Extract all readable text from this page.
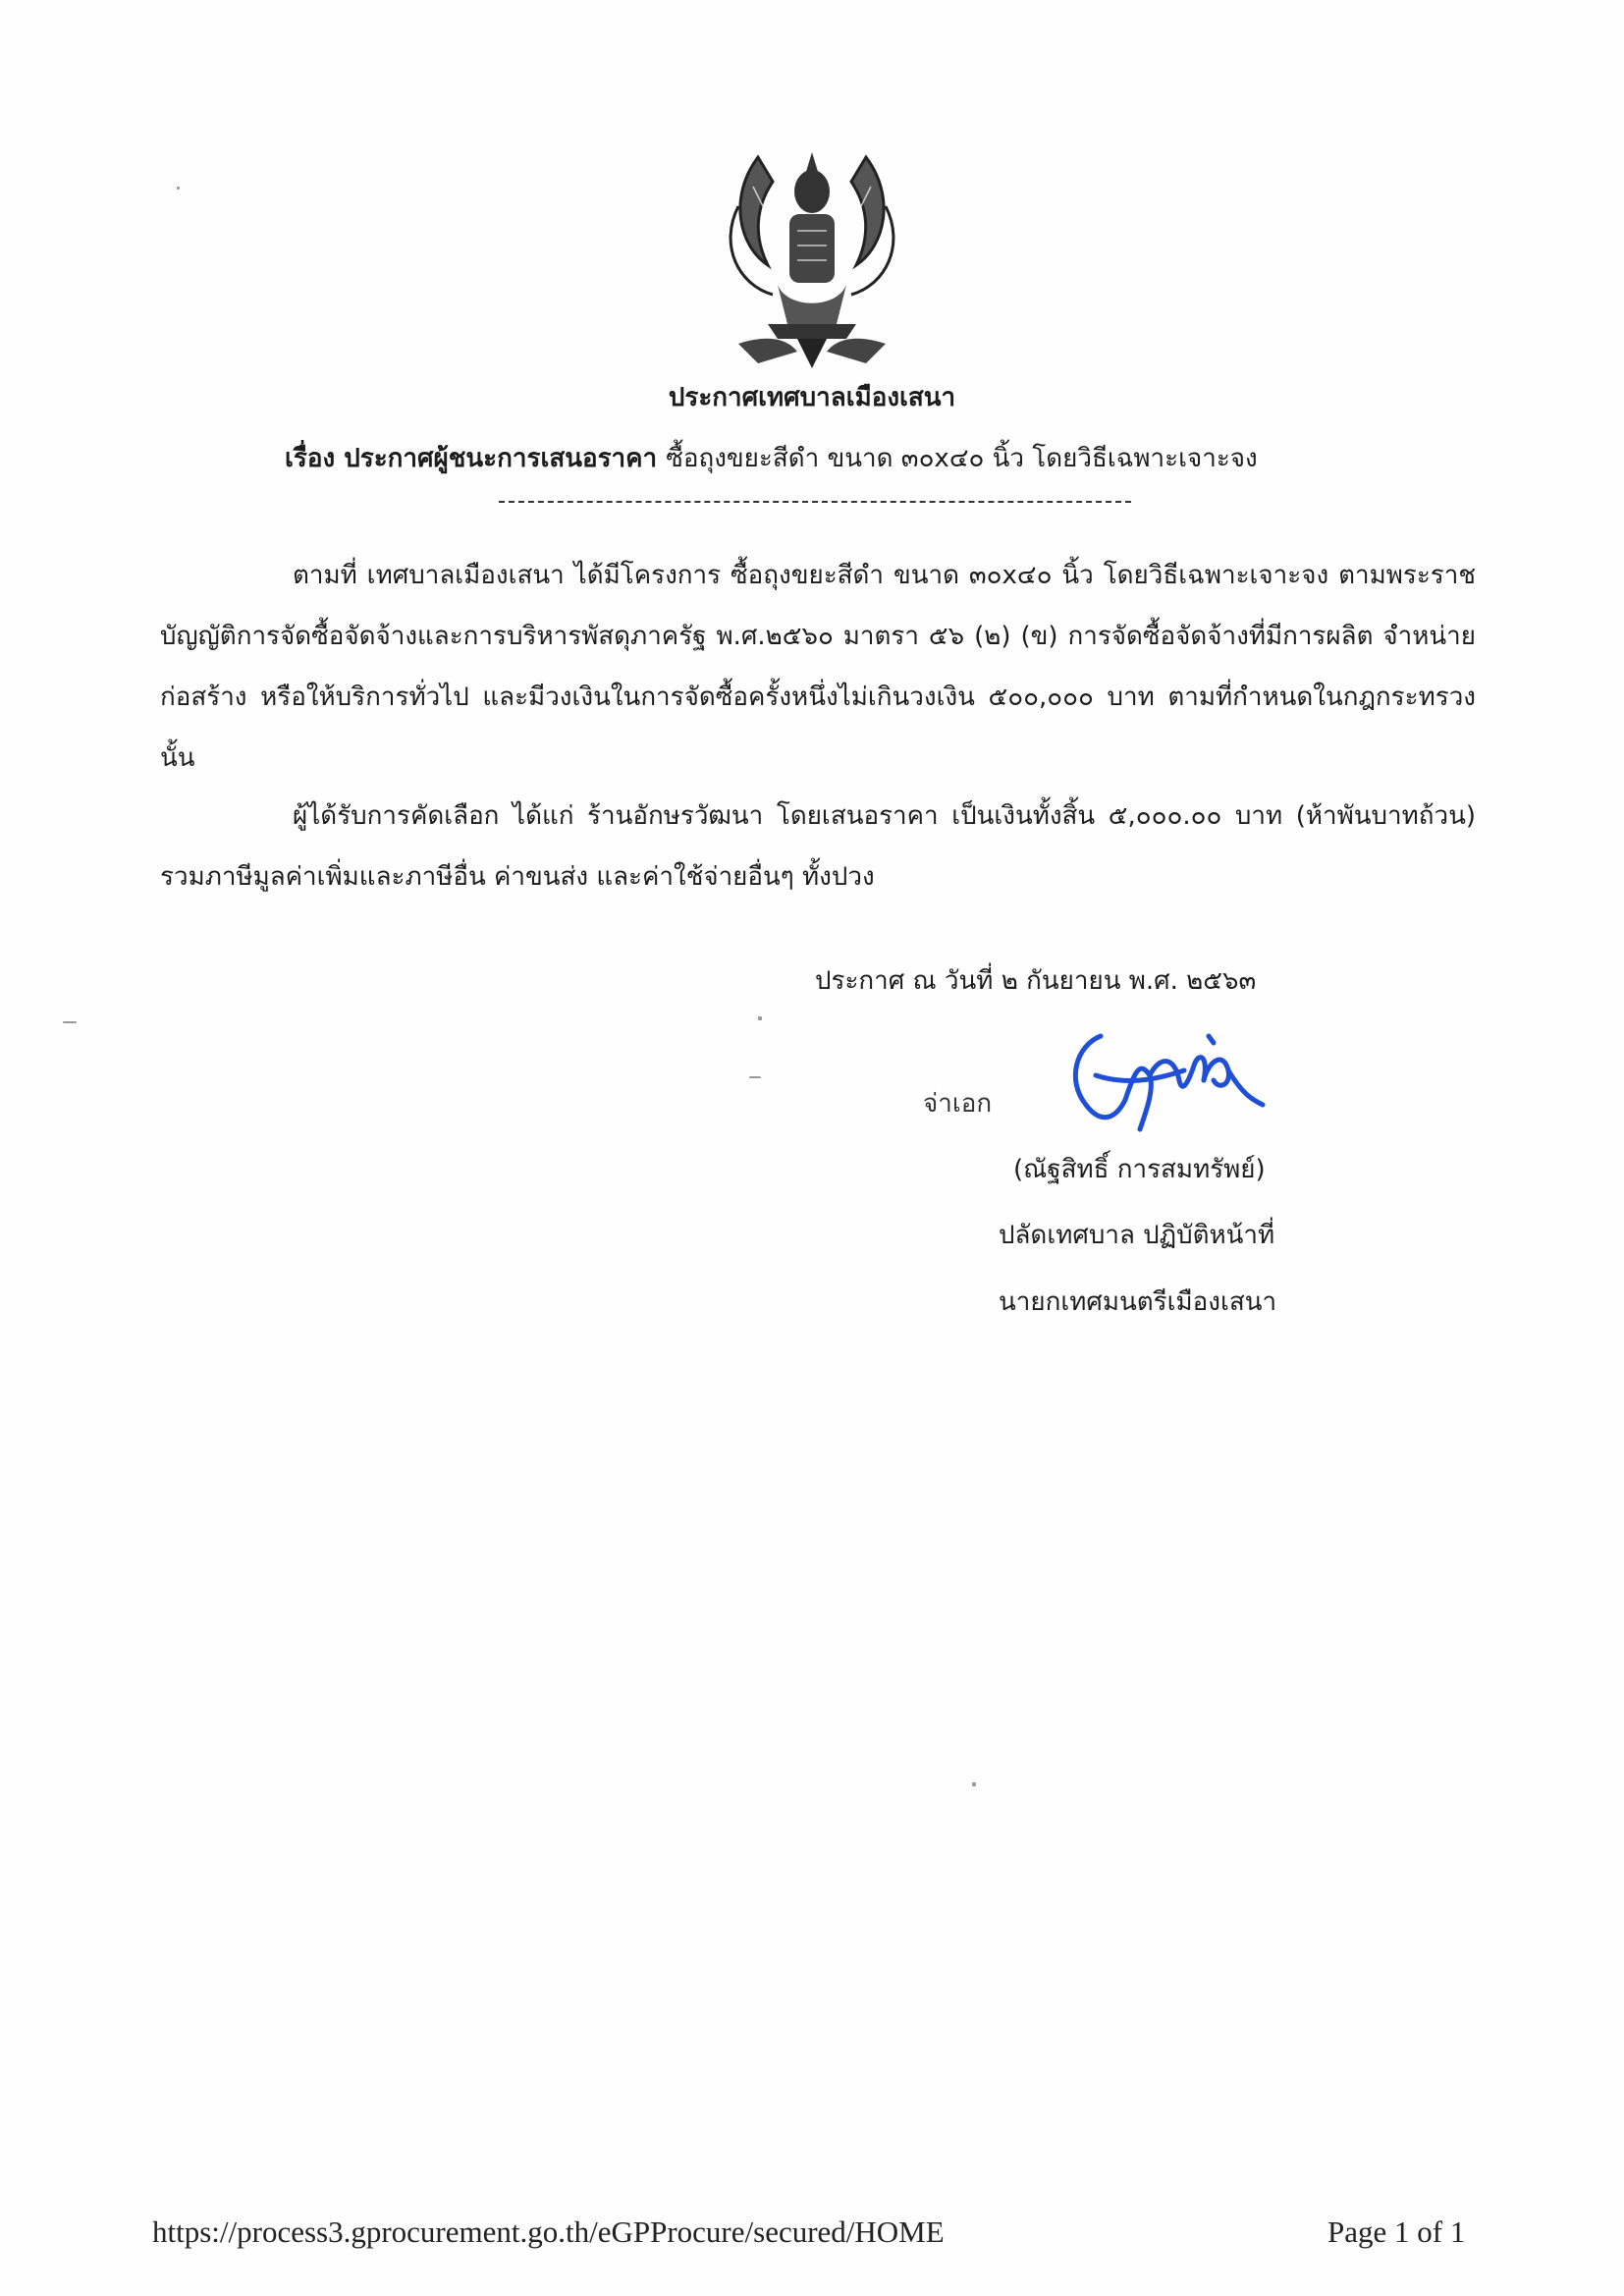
ประกาศเทศบาลเมืองเสนา
เรื่อง ประกาศผู้ชนะการเสนอราคา ซื้อถุงขยะสีดำ ขนาด ๓๐x๔๐ นิ้ว โดยวิธีเฉพาะเจาะจง
ตามที่ เทศบาลเมืองเสนา ได้มีโครงการ ซื้อถุงขยะสีดำ ขนาด ๓๐x๔๐ นิ้ว โดยวิธีเฉพาะเจาะจง ตามพระราชบัญญัติการจัดซื้อจัดจ้างและการบริหารพัสดุภาครัฐ พ.ศ.๒๕๖๐ มาตรา ๕๖ (๒) (ข) การจัดซื้อจัดจ้างที่มีการผลิต จำหน่าย ก่อสร้าง หรือให้บริการทั่วไป และมีวงเงินในการจัดซื้อครั้งหนึ่งไม่เกินวงเงิน ๕๐๐,๐๐๐ บาท ตามที่กำหนดในกฎกระทรวง นั้น
ผู้ได้รับการคัดเลือก ได้แก่ ร้านอักษรวัฒนา โดยเสนอราคา เป็นเงินทั้งสิ้น ๕,๐๐๐.๐๐ บาท (ห้าพันบาทถ้วน) รวมภาษีมูลค่าเพิ่มและภาษีอื่น ค่าขนส่ง และค่าใช้จ่ายอื่นๆ ทั้งปวง
ประกาศ ณ วันที่ ๒ กันยายน พ.ศ. ๒๕๖๓
จ่าเอก
(ณัฐสิทธิ์ การสมทรัพย์)
ปลัดเทศบาล ปฏิบัติหน้าที่
นายกเทศมนตรีเมืองเสนา
https://process3.gprocurement.go.th/eGPProcure/secured/HOME	Page 1 of 1
